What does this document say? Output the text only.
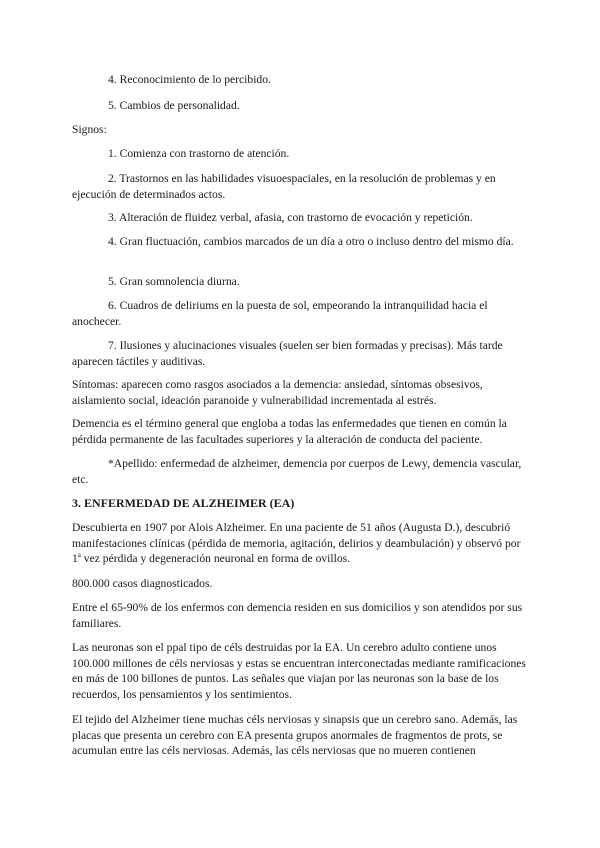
4. Reconocimiento de lo percibido.

5. Cambios de personalidad.

Signos:

1. Comienza con trastorno de atención.

2. Trastornos en las habilidades visuoespaciales, en la resolución de problemas y en ejecución de determinados actos.

3. Alteración de fluidez verbal, afasia, con trastorno de evocación y repetición.

4. Gran fluctuación, cambios marcados de un día a otro o incluso dentro del mismo día.

5. Gran somnolencia diurna.

6. Cuadros de deliriums en la puesta de sol, empeorando la intranquilidad hacia el anochecer.

7. Ilusiones y alucinaciones visuales (suelen ser bien formadas y precisas). Más tarde aparecen táctiles y auditivas.

Síntomas: aparecen como rasgos asociados a la demencia: ansiedad, síntomas obsesivos, aislamiento social, ideación paranoide y vulnerabilidad incrementada al estrés.

Demencia es el término general que engloba a todas las enfermedades que tienen en común la pérdida permanente de las facultades superiores y la alteración de conducta del paciente.

*Apellido: enfermedad de alzheimer, demencia por cuerpos de Lewy, demencia vascular, etc.

3. ENFERMEDAD DE ALZHEIMER (EA)

Descubierta en 1907 por Alois Alzheimer. En una paciente de 51 años (Augusta D.), descubrió manifestaciones clínicas (pérdida de memoria, agitación, delirios y deambulación) y observó por 1$^a$ vez pérdida y degeneración neuronal en forma de ovillos.

800.000 casos diagnosticados.

Entre el 65-90% de los enfermos con demencia residen en sus domicilios y son atendidos por sus familiares.

Las neuronas son el ppal tipo de céls destruidas por la EA. Un cerebro adulto contiene unos 100.000 millones de céls nerviosas y estas se encuentran interconectadas mediante ramificaciones en más de 100 billones de puntos. Las señales que viajan por las neuronas son la base de los recuerdos, los pensamientos y los sentimientos.

El tejido del Alzheimer tiene muchas céls nerviosas y sinapsis que un cerebro sano. Además, las placas que presenta un cerebro con EA presenta grupos anormales de fragmentos de prots, se acumulan entre las céls nerviosas. Además, las céls nerviosas que no mueren contienen
